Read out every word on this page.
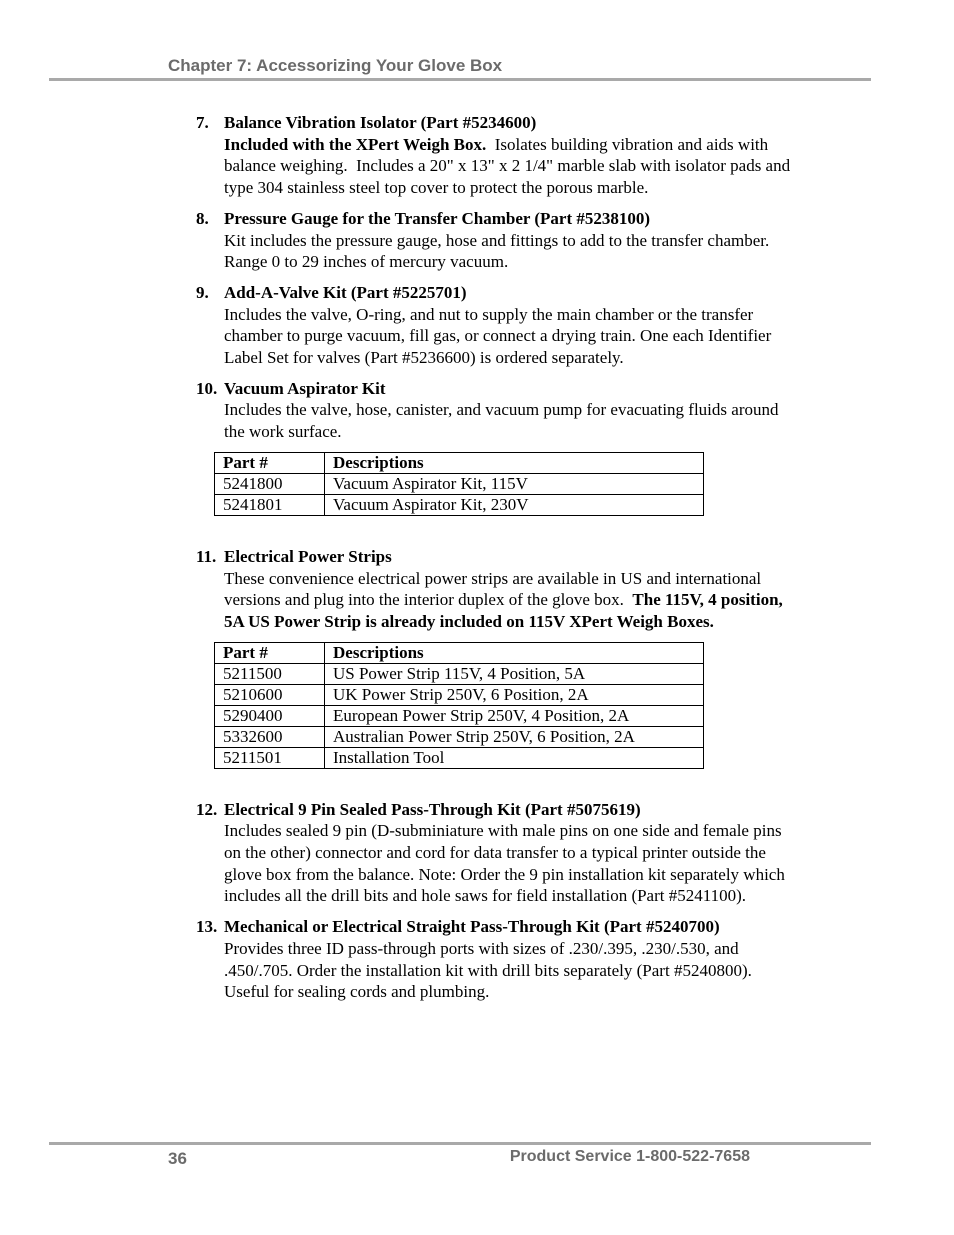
Chapter 7: Accessorizing Your Glove Box
7. Balance Vibration Isolator (Part #5234600)

Included with the XPert Weigh Box.  Isolates building vibration and aids with balance weighing.  Includes a 20" x 13" x 2 1/4" marble slab with isolator pads and type 304 stainless steel top cover to protect the porous marble.

8. Pressure Gauge for the Transfer Chamber (Part #5238100)

Kit includes the pressure gauge, hose and fittings to add to the transfer chamber.  Range 0 to 29 inches of mercury vacuum.

9. Add-A-Valve Kit (Part #5225701)

Includes the valve, O-ring, and nut to supply the main chamber or the transfer chamber to purge vacuum, fill gas, or connect a drying train. One each Identifier Label Set for valves (Part #5236600) is ordered separately.

10. Vacuum Aspirator Kit

Includes the valve, hose, canister, and vacuum pump for evacuating fluids around the work surface.

Part #	Descriptions
5241800	Vacuum Aspirator Kit, 115V
5241801	Vacuum Aspirator Kit, 230V
11. Electrical Power Strips

These convenience electrical power strips are available in US and international versions and plug into the interior duplex of the glove box.  The 115V, 4 position, 5A US Power Strip is already included on 115V XPert Weigh Boxes.

Part #	Descriptions
5211500	US Power Strip 115V, 4 Position, 5A
5210600	UK Power Strip 250V, 6 Position, 2A
5290400	European Power Strip 250V, 4 Position, 2A
5332600	Australian Power Strip 250V, 6 Position, 2A
5211501	Installation Tool
12. Electrical 9 Pin Sealed Pass-Through Kit (Part #5075619)

Includes sealed 9 pin (D-subminiature with male pins on one side and female pins on the other) connector and cord for data transfer to a typical printer outside the glove box from the balance. Note: Order the 9 pin installation kit separately which includes all the drill bits and hole saws for field installation (Part #5241100).

13. Mechanical or Electrical Straight Pass-Through Kit (Part #5240700)

Provides three ID pass-through ports with sizes of .230/.395, .230/.530, and .450/.705. Order the installation kit with drill bits separately (Part #5240800). Useful for sealing cords and plumbing.

36	Product Service 1-800-522-7658
